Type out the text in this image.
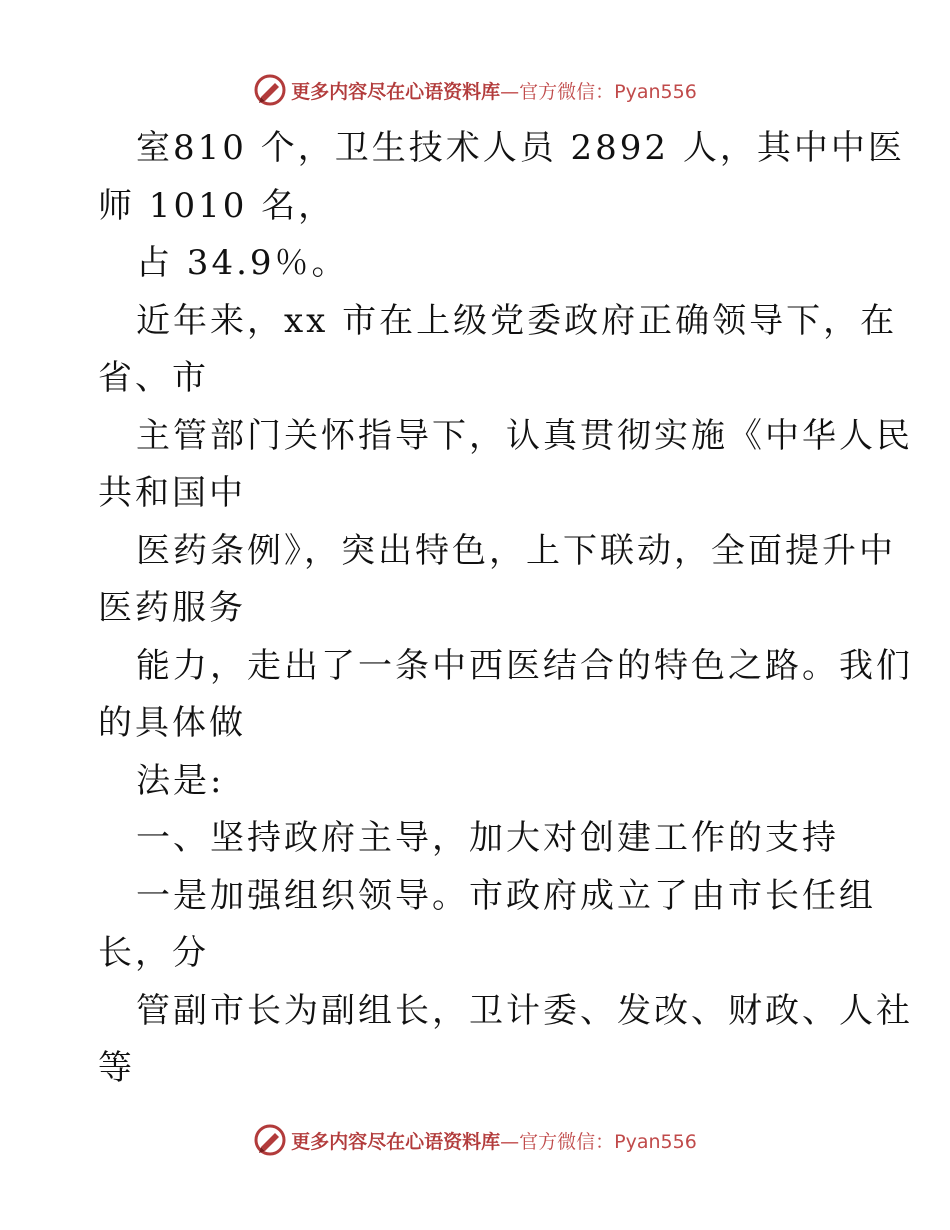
更多内容尽在心语资料库 —官方微信：Pyan556
室810 个，卫生技术人员 2892 人，其中中医
师 1010 名，
占 34.9％。
近年来，xx 市在上级党委政府正确领导下，在
省、市
主管部门关怀指导下，认真贯彻实施《中华人民
共和国中
医药条例》，突出特色，上下联动，全面提升中
医药服务
能力，走出了一条中西医结合的特色之路。我们
的具体做
法是:
一、坚持政府主导，加大对创建工作的支持
一是加强组织领导。市政府成立了由市长任组
长，分
管副市长为副组长，卫计委、发改、财政、人社
等
更多内容尽在心语资料库 —官方微信：Pyan556
